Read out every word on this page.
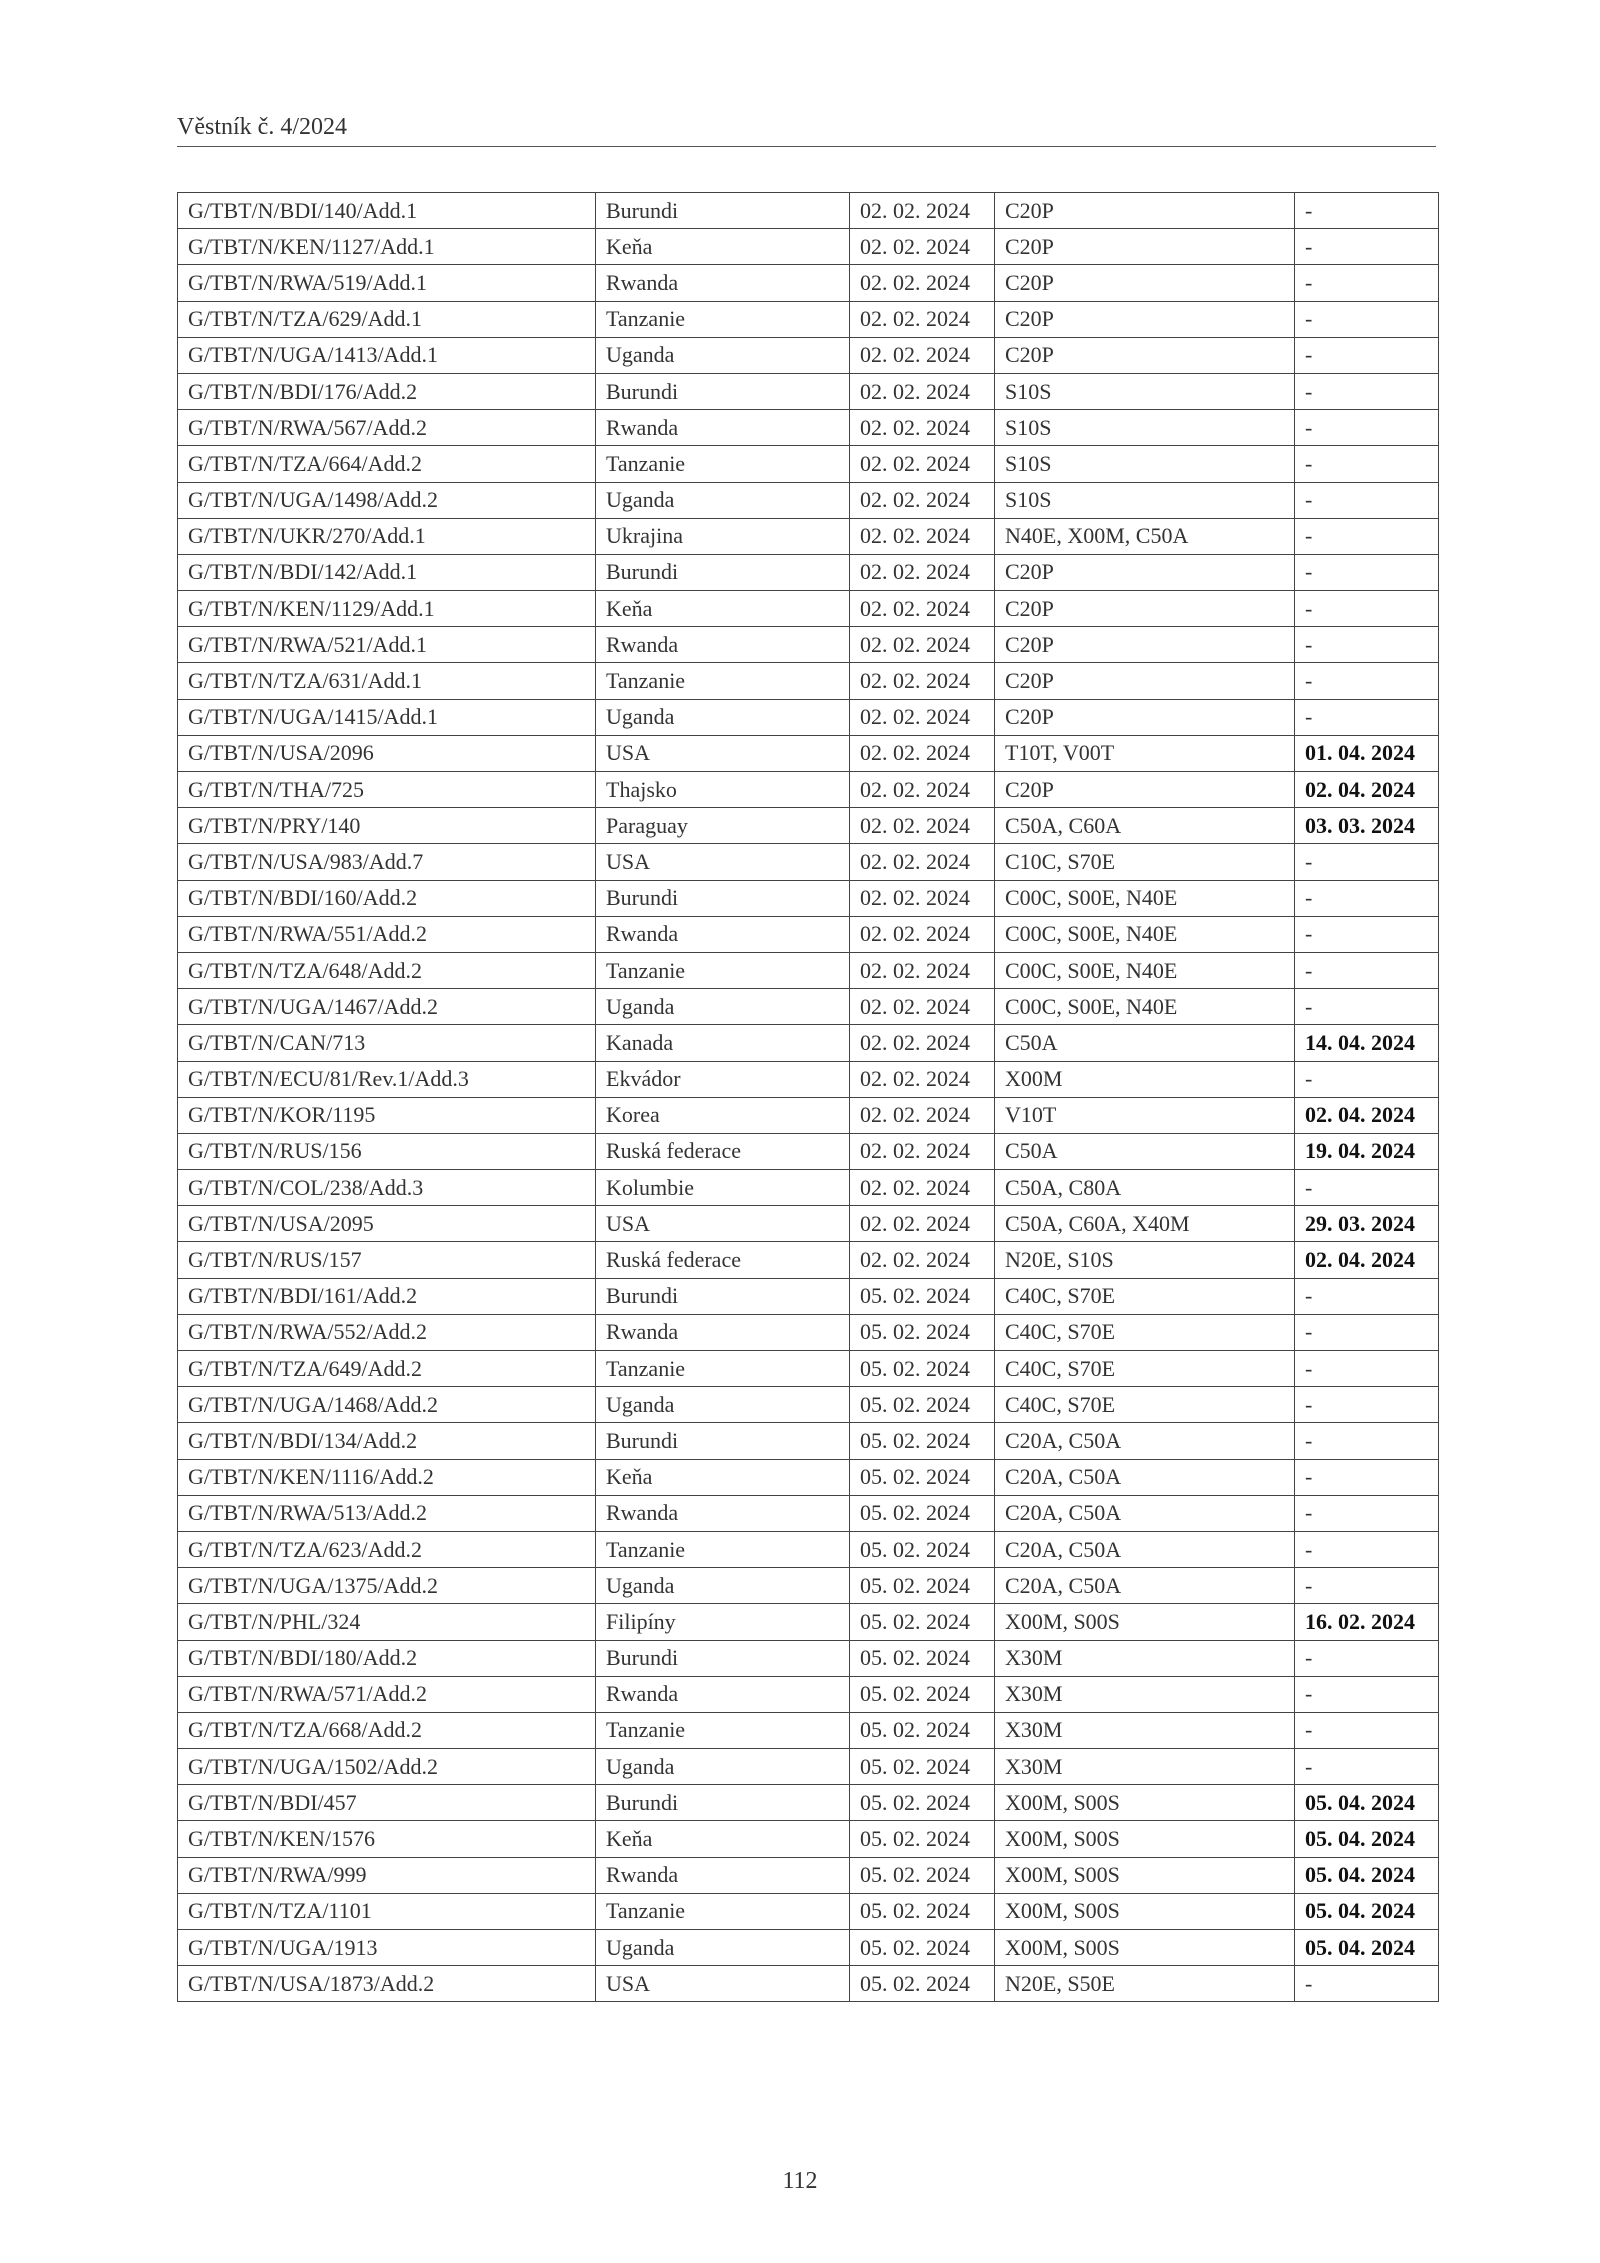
Věstník č. 4/2024
G/TBT/N/BDI/140/Add.1	Burundi	02. 02. 2024	C20P	-
G/TBT/N/KEN/1127/Add.1	Keňa	02. 02. 2024	C20P	-
G/TBT/N/RWA/519/Add.1	Rwanda	02. 02. 2024	C20P	-
G/TBT/N/TZA/629/Add.1	Tanzanie	02. 02. 2024	C20P	-
G/TBT/N/UGA/1413/Add.1	Uganda	02. 02. 2024	C20P	-
G/TBT/N/BDI/176/Add.2	Burundi	02. 02. 2024	S10S	-
G/TBT/N/RWA/567/Add.2	Rwanda	02. 02. 2024	S10S	-
G/TBT/N/TZA/664/Add.2	Tanzanie	02. 02. 2024	S10S	-
G/TBT/N/UGA/1498/Add.2	Uganda	02. 02. 2024	S10S	-
G/TBT/N/UKR/270/Add.1	Ukrajina	02. 02. 2024	N40E, X00M, C50A	-
G/TBT/N/BDI/142/Add.1	Burundi	02. 02. 2024	C20P	-
G/TBT/N/KEN/1129/Add.1	Keňa	02. 02. 2024	C20P	-
G/TBT/N/RWA/521/Add.1	Rwanda	02. 02. 2024	C20P	-
G/TBT/N/TZA/631/Add.1	Tanzanie	02. 02. 2024	C20P	-
G/TBT/N/UGA/1415/Add.1	Uganda	02. 02. 2024	C20P	-
G/TBT/N/USA/2096	USA	02. 02. 2024	T10T, V00T	01. 04. 2024
G/TBT/N/THA/725	Thajsko	02. 02. 2024	C20P	02. 04. 2024
G/TBT/N/PRY/140	Paraguay	02. 02. 2024	C50A, C60A	03. 03. 2024
G/TBT/N/USA/983/Add.7	USA	02. 02. 2024	C10C, S70E	-
G/TBT/N/BDI/160/Add.2	Burundi	02. 02. 2024	C00C, S00E, N40E	-
G/TBT/N/RWA/551/Add.2	Rwanda	02. 02. 2024	C00C, S00E, N40E	-
G/TBT/N/TZA/648/Add.2	Tanzanie	02. 02. 2024	C00C, S00E, N40E	-
G/TBT/N/UGA/1467/Add.2	Uganda	02. 02. 2024	C00C, S00E, N40E	-
G/TBT/N/CAN/713	Kanada	02. 02. 2024	C50A	14. 04. 2024
G/TBT/N/ECU/81/Rev.1/Add.3	Ekvádor	02. 02. 2024	X00M	-
G/TBT/N/KOR/1195	Korea	02. 02. 2024	V10T	02. 04. 2024
G/TBT/N/RUS/156	Ruská federace	02. 02. 2024	C50A	19. 04. 2024
G/TBT/N/COL/238/Add.3	Kolumbie	02. 02. 2024	C50A, C80A	-
G/TBT/N/USA/2095	USA	02. 02. 2024	C50A, C60A, X40M	29. 03. 2024
G/TBT/N/RUS/157	Ruská federace	02. 02. 2024	N20E, S10S	02. 04. 2024
G/TBT/N/BDI/161/Add.2	Burundi	05. 02. 2024	C40C, S70E	-
G/TBT/N/RWA/552/Add.2	Rwanda	05. 02. 2024	C40C, S70E	-
G/TBT/N/TZA/649/Add.2	Tanzanie	05. 02. 2024	C40C, S70E	-
G/TBT/N/UGA/1468/Add.2	Uganda	05. 02. 2024	C40C, S70E	-
G/TBT/N/BDI/134/Add.2	Burundi	05. 02. 2024	C20A, C50A	-
G/TBT/N/KEN/1116/Add.2	Keňa	05. 02. 2024	C20A, C50A	-
G/TBT/N/RWA/513/Add.2	Rwanda	05. 02. 2024	C20A, C50A	-
G/TBT/N/TZA/623/Add.2	Tanzanie	05. 02. 2024	C20A, C50A	-
G/TBT/N/UGA/1375/Add.2	Uganda	05. 02. 2024	C20A, C50A	-
G/TBT/N/PHL/324	Filipíny	05. 02. 2024	X00M, S00S	16. 02. 2024
G/TBT/N/BDI/180/Add.2	Burundi	05. 02. 2024	X30M	-
G/TBT/N/RWA/571/Add.2	Rwanda	05. 02. 2024	X30M	-
G/TBT/N/TZA/668/Add.2	Tanzanie	05. 02. 2024	X30M	-
G/TBT/N/UGA/1502/Add.2	Uganda	05. 02. 2024	X30M	-
G/TBT/N/BDI/457	Burundi	05. 02. 2024	X00M, S00S	05. 04. 2024
G/TBT/N/KEN/1576	Keňa	05. 02. 2024	X00M, S00S	05. 04. 2024
G/TBT/N/RWA/999	Rwanda	05. 02. 2024	X00M, S00S	05. 04. 2024
G/TBT/N/TZA/1101	Tanzanie	05. 02. 2024	X00M, S00S	05. 04. 2024
G/TBT/N/UGA/1913	Uganda	05. 02. 2024	X00M, S00S	05. 04. 2024
G/TBT/N/USA/1873/Add.2	USA	05. 02. 2024	N20E, S50E	-
112
